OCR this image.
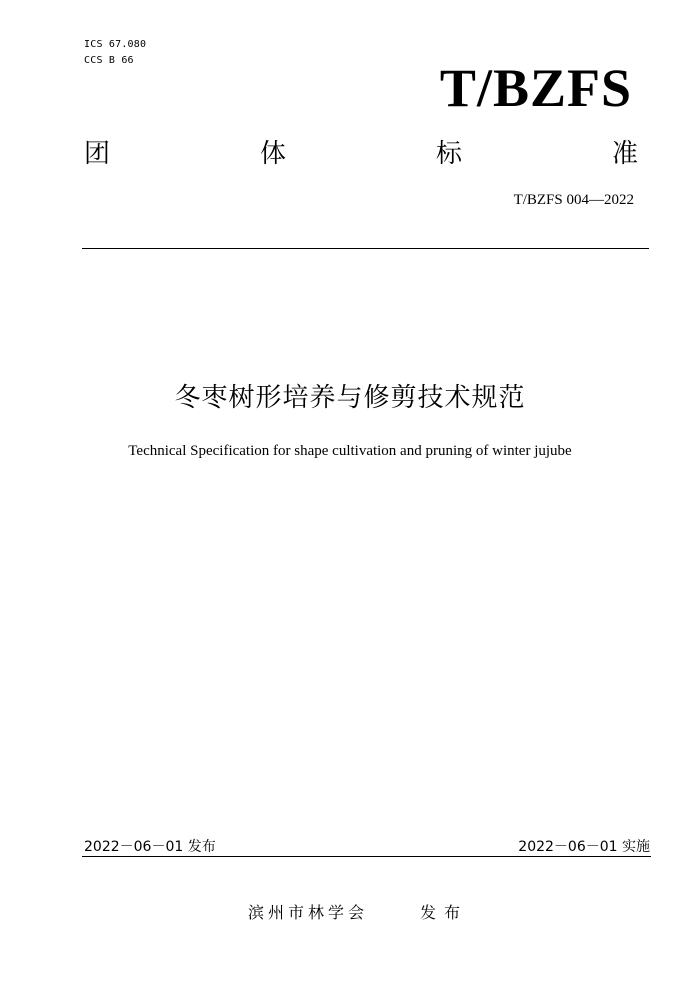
ICS 67.080
CCS B 66	T/BZFS
团	体	标	准
T/BZFS 004—2022
冬枣树形培养与修剪技术规范
Technical Specification for shape cultivation and pruning of winter jujube
2022－06－01 发布	2022－06－01 实施
滨州市林学会	发布
